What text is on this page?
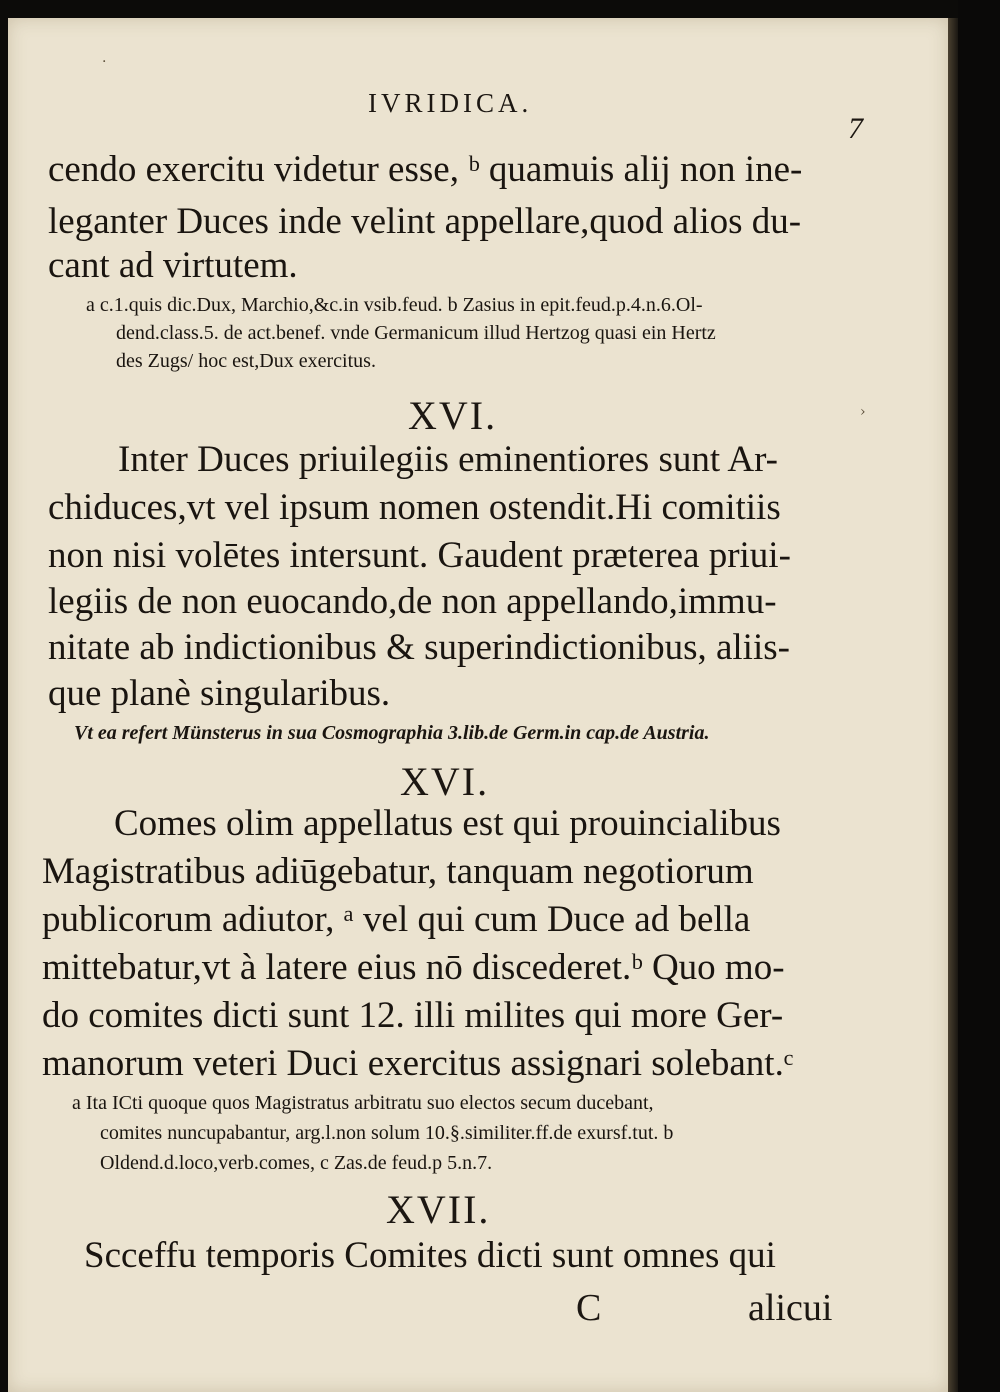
IVRIDICA.
7
cendo exercitu videtur esse, ᵇ quamuis alij non ine-
leganter Duces inde velint appellare,quod alios du-
cant ad virtutem.
a c.1.quis dic.Dux, Marchio,&c.in vsib.feud. b Zasius in epit.feud.p.4.n.6.Ol-
dend.class.5. de act.benef. vnde Germanicum illud Hertzog quasi ein Hertz
des Zugs/ hoc est,Dux exercitus.
XVI.
Inter Duces priuilegiis eminentiores sunt Ar-
chiduces,vt vel ipsum nomen ostendit.Hi comitiis
non nisi volētes intersunt. Gaudent præterea priui-
legiis de non euocando,de non appellando,immu-
nitate ab indictionibus & superindictionibus, aliis-
que planè singularibus.
Vt ea refert Münsterus in sua Cosmographia 3.lib.de Germ.in cap.de Austria.
XVI.
Comes olim appellatus est qui prouincialibus
Magistratibus adiūgebatur, tanquam negotiorum
publicorum adiutor, ᵃ vel qui cum Duce ad bella
mittebatur,vt à latere eius nō discederet.ᵇ Quo mo-
do comites dicti sunt 12. illi milites qui more Ger-
manorum veteri Duci exercitus assignari solebant.ᶜ
a Ita ICti quoque quos Magistratus arbitratu suo electos secum ducebant,
comites nuncupabantur, arg.l.non solum 10.§.similiter.ff.de exursf.tut. b
Oldend.d.loco,verb.comes, c Zas.de feud.p 5.n.7.
XVII.
Scceffu temporis Comites dicti sunt omnes qui
C	alicui
·
›
